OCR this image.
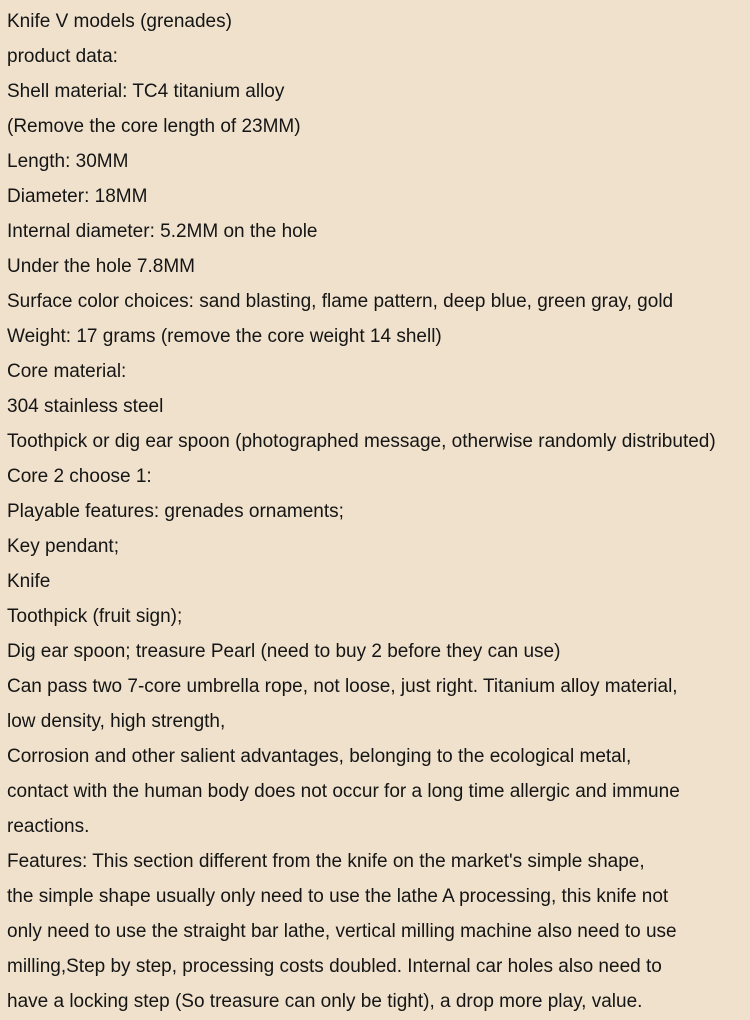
Knife V models (grenades)
product data:
Shell material: TC4 titanium alloy
(Remove the core length of 23MM)
Length: 30MM
Diameter: 18MM
Internal diameter: 5.2MM on the hole
Under the hole 7.8MM
Surface color choices: sand blasting, flame pattern, deep blue, green gray, gold
Weight: 17 grams (remove the core weight 14 shell)
Core material:
304 stainless steel
Toothpick or dig ear spoon (photographed message, otherwise randomly distributed)
Core 2 choose 1:
Playable features: grenades ornaments;
Key pendant;
Knife
Toothpick (fruit sign);
Dig ear spoon; treasure Pearl (need to buy 2 before they can use)
Can pass two 7-core umbrella rope, not loose, just right. Titanium alloy material,
low density, high strength,
Corrosion and other salient advantages, belonging to the ecological metal,
contact with the human body does not occur for a long time allergic and immune
reactions.
Features: This section different from the knife on the market's simple shape,
the simple shape usually only need to use the lathe A processing, this knife not
only need to use the straight bar lathe, vertical milling machine also need to use
milling,Step by step, processing costs doubled. Internal car holes also need to
have a locking step (So treasure can only be tight), a drop more play, value.
